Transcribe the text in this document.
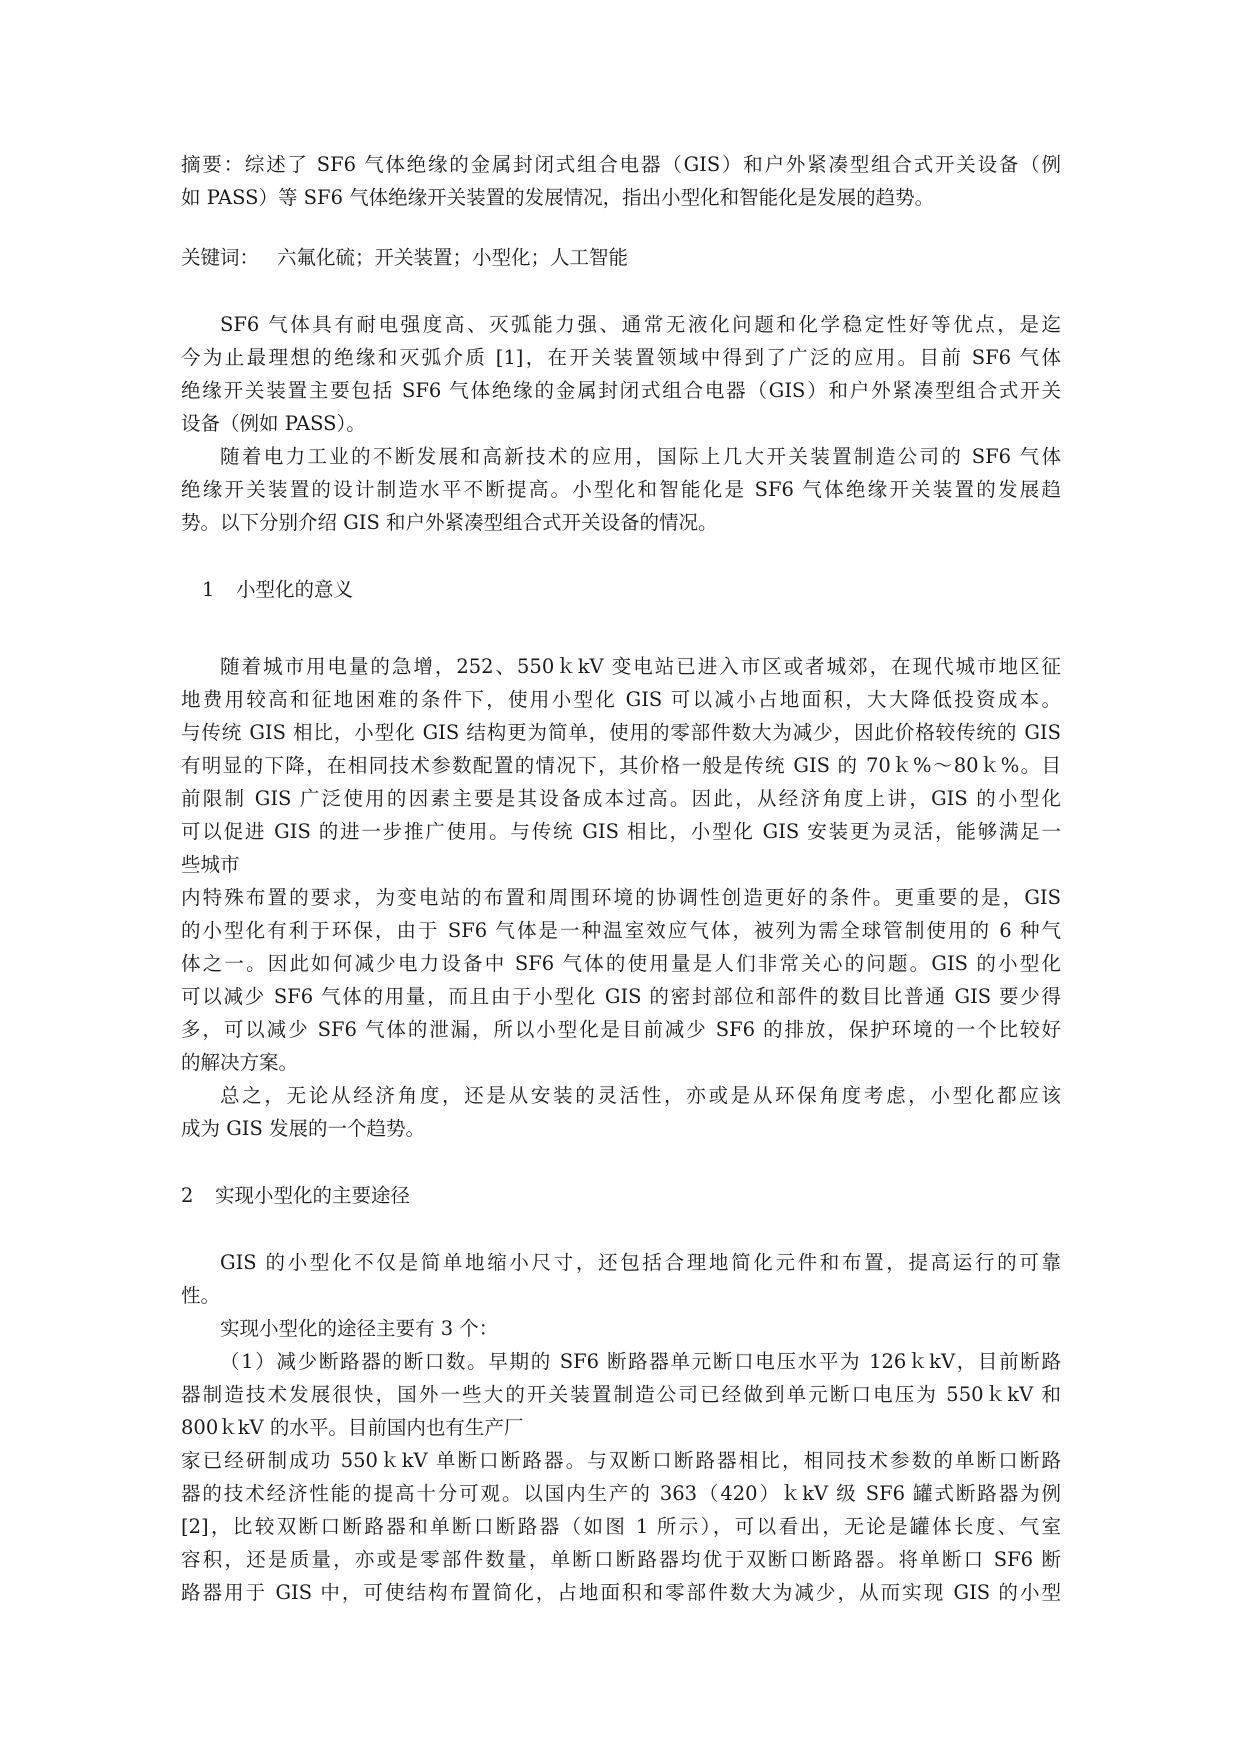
摘要：综述了 SF6 气体绝缘的金属封闭式组合电器（GIS）和户外紧凑型组合式开关设备（例

如 PASS）等 SF6 气体绝缘开关装置的发展情况，指出小型化和智能化是发展的趋势。

关键词： 六氟化硫；开关装置；小型化；人工智能

SF6 气体具有耐电强度高、灭弧能力强、通常无液化问题和化学稳定性好等优点，是迄

今为止最理想的绝缘和灭弧介质 [1]，在开关装置领域中得到了广泛的应用。目前 SF6 气体

绝缘开关装置主要包括 SF6 气体绝缘的金属封闭式组合电器（GIS）和户外紧凑型组合式开关

设备（例如 PASS）。

随着电力工业的不断发展和高新技术的应用，国际上几大开关装置制造公司的 SF6 气体

绝缘开关装置的设计制造水平不断提高。小型化和智能化是 SF6 气体绝缘开关装置的发展趋

势。以下分别介绍 GIS 和户外紧凑型组合式开关设备的情况。

1 小型化的意义

随着城市用电量的急增，252、550ｋkV 变电站已进入市区或者城郊，在现代城市地区征

地费用较高和征地困难的条件下，使用小型化 GIS 可以减小占地面积，大大降低投资成本。

与传统 GIS 相比，小型化 GIS 结构更为简单，使用的零部件数大为减少，因此价格较传统的 GIS

有明显的下降，在相同技术参数配置的情况下，其价格一般是传统 GIS 的 70ｋ%～80ｋ%。目

前限制 GIS 广泛使用的因素主要是其设备成本过高。因此，从经济角度上讲，GIS 的小型化

可以促进 GIS 的进一步推广使用。与传统 GIS 相比，小型化 GIS 安装更为灵活，能够满足一

些城市

内特殊布置的要求，为变电站的布置和周围环境的协调性创造更好的条件。更重要的是，GIS

的小型化有利于环保，由于 SF6 气体是一种温室效应气体，被列为需全球管制使用的 6 种气

体之一。因此如何减少电力设备中 SF6 气体的使用量是人们非常关心的问题。GIS 的小型化

可以减少 SF6 气体的用量，而且由于小型化 GIS 的密封部位和部件的数目比普通 GIS 要少得

多，可以减少 SF6 气体的泄漏，所以小型化是目前减少 SF6 的排放，保护环境的一个比较好

的解决方案。

总之，无论从经济角度，还是从安装的灵活性，亦或是从环保角度考虑，小型化都应该

成为 GIS 发展的一个趋势。

2 实现小型化的主要途径

GIS 的小型化不仅是简单地缩小尺寸，还包括合理地简化元件和布置，提高运行的可靠

性。

实现小型化的途径主要有 3 个：

（1）减少断路器的断口数。早期的 SF6 断路器单元断口电压水平为 126ｋkV，目前断路

器制造技术发展很快，国外一些大的开关装置制造公司已经做到单元断口电压为 550ｋkV 和

800ｋkV 的水平。目前国内也有生产厂

家已经研制成功 550ｋkV 单断口断路器。与双断口断路器相比，相同技术参数的单断口断路

器的技术经济性能的提高十分可观。以国内生产的 363（420）ｋkV 级 SF6 罐式断路器为例

[2]，比较双断口断路器和单断口断路器（如图 1 所示），可以看出，无论是罐体长度、气室

容积，还是质量，亦或是零部件数量，单断口断路器均优于双断口断路器。将单断口 SF6 断

路器用于 GIS 中，可使结构布置简化，占地面积和零部件数大为减少，从而实现 GIS 的小型
